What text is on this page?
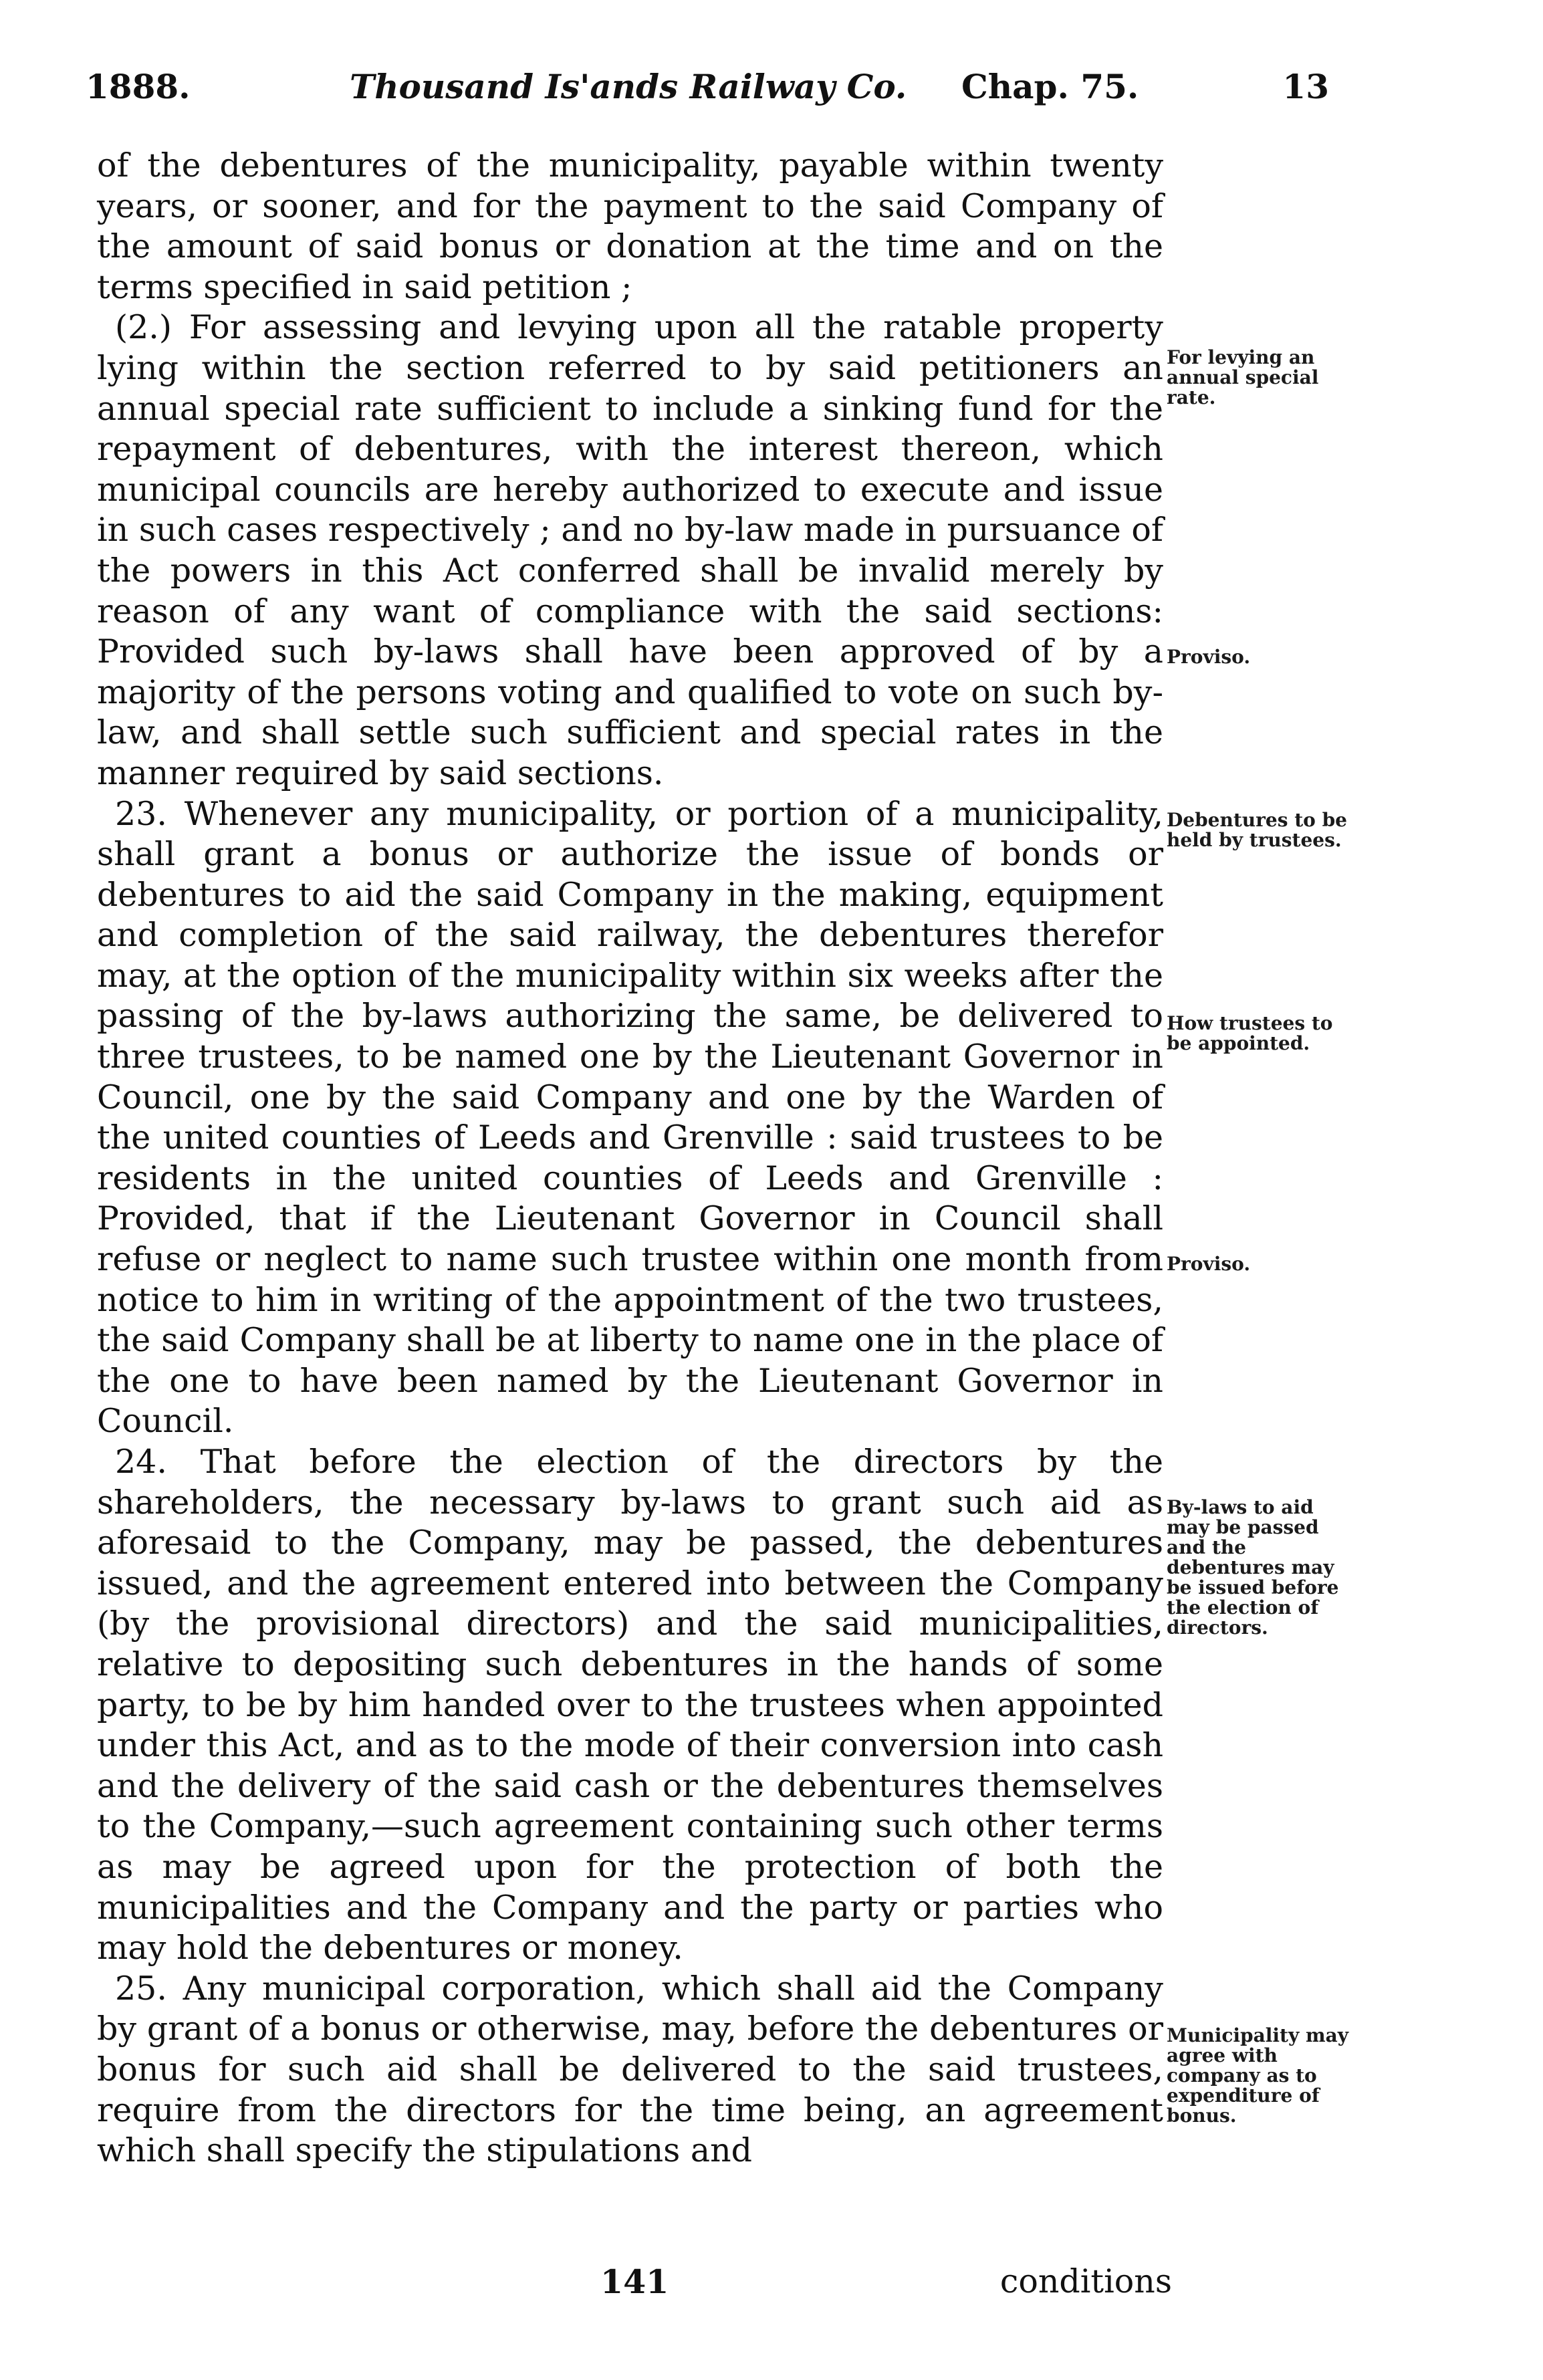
1888.	Thousand Is'ands Railway Co. Chap. 75.	13

of the debentures of the municipality, payable within twenty years, or sooner, and for the payment to the said Company of the amount of said bonus or donation at the time and on the terms specified in said petition ;

(2.) For assessing and levying upon all the ratable property lying within the section referred to by said petitioners an annual special rate sufficient to include a sinking fund for the repayment of debentures, with the interest thereon, which municipal councils are hereby authorized to execute and issue in such cases respectively ; and no by-law made in pursuance of the powers in this Act conferred shall be invalid merely by reason of any want of compliance with the said sections: Provided such by-laws shall have been approved of by a majority of the persons voting and qualified to vote on such by-law, and shall settle such sufficient and special rates in the manner required by said sections.

23. Whenever any municipality, or portion of a municipality, shall grant a bonus or authorize the issue of bonds or debentures to aid the said Company in the making, equipment and completion of the said railway, the debentures therefor may, at the option of the municipality within six weeks after the passing of the by-laws authorizing the same, be delivered to three trustees, to be named one by the Lieutenant Governor in Council, one by the said Company and one by the Warden of the united counties of Leeds and Grenville : said trustees to be residents in the united counties of Leeds and Grenville : Provided, that if the Lieutenant Governor in Council shall refuse or neglect to name such trustee within one month from notice to him in writing of the appointment of the two trustees, the said Company shall be at liberty to name one in the place of the one to have been named by the Lieutenant Governor in Council.

24. That before the election of the directors by the shareholders, the necessary by-laws to grant such aid as aforesaid to the Company, may be passed, the debentures issued, and the agreement entered into between the Company (by the provisional directors) and the said municipalities, relative to depositing such debentures in the hands of some party, to be by him handed over to the trustees when appointed under this Act, and as to the mode of their conversion into cash and the delivery of the said cash or the debentures themselves to the Company,—such agreement containing such other terms as may be agreed upon for the protection of both the municipalities and the Company and the party or parties who may hold the debentures or money.

25. Any municipal corporation, which shall aid the Company by grant of a bonus or otherwise, may, before the debentures or bonus for such aid shall be delivered to the said trustees, require from the directors for the time being, an agreement which shall specify the stipulations and

For levying an annual special rate.
Proviso.
Debentures to be held by trustees.
How trustees to be appointed.
Proviso.
By-laws to aid may be passed and the debentures may be issued before the election of directors.
Municipality may agree with company as to expenditure of bonus.
141	conditions
